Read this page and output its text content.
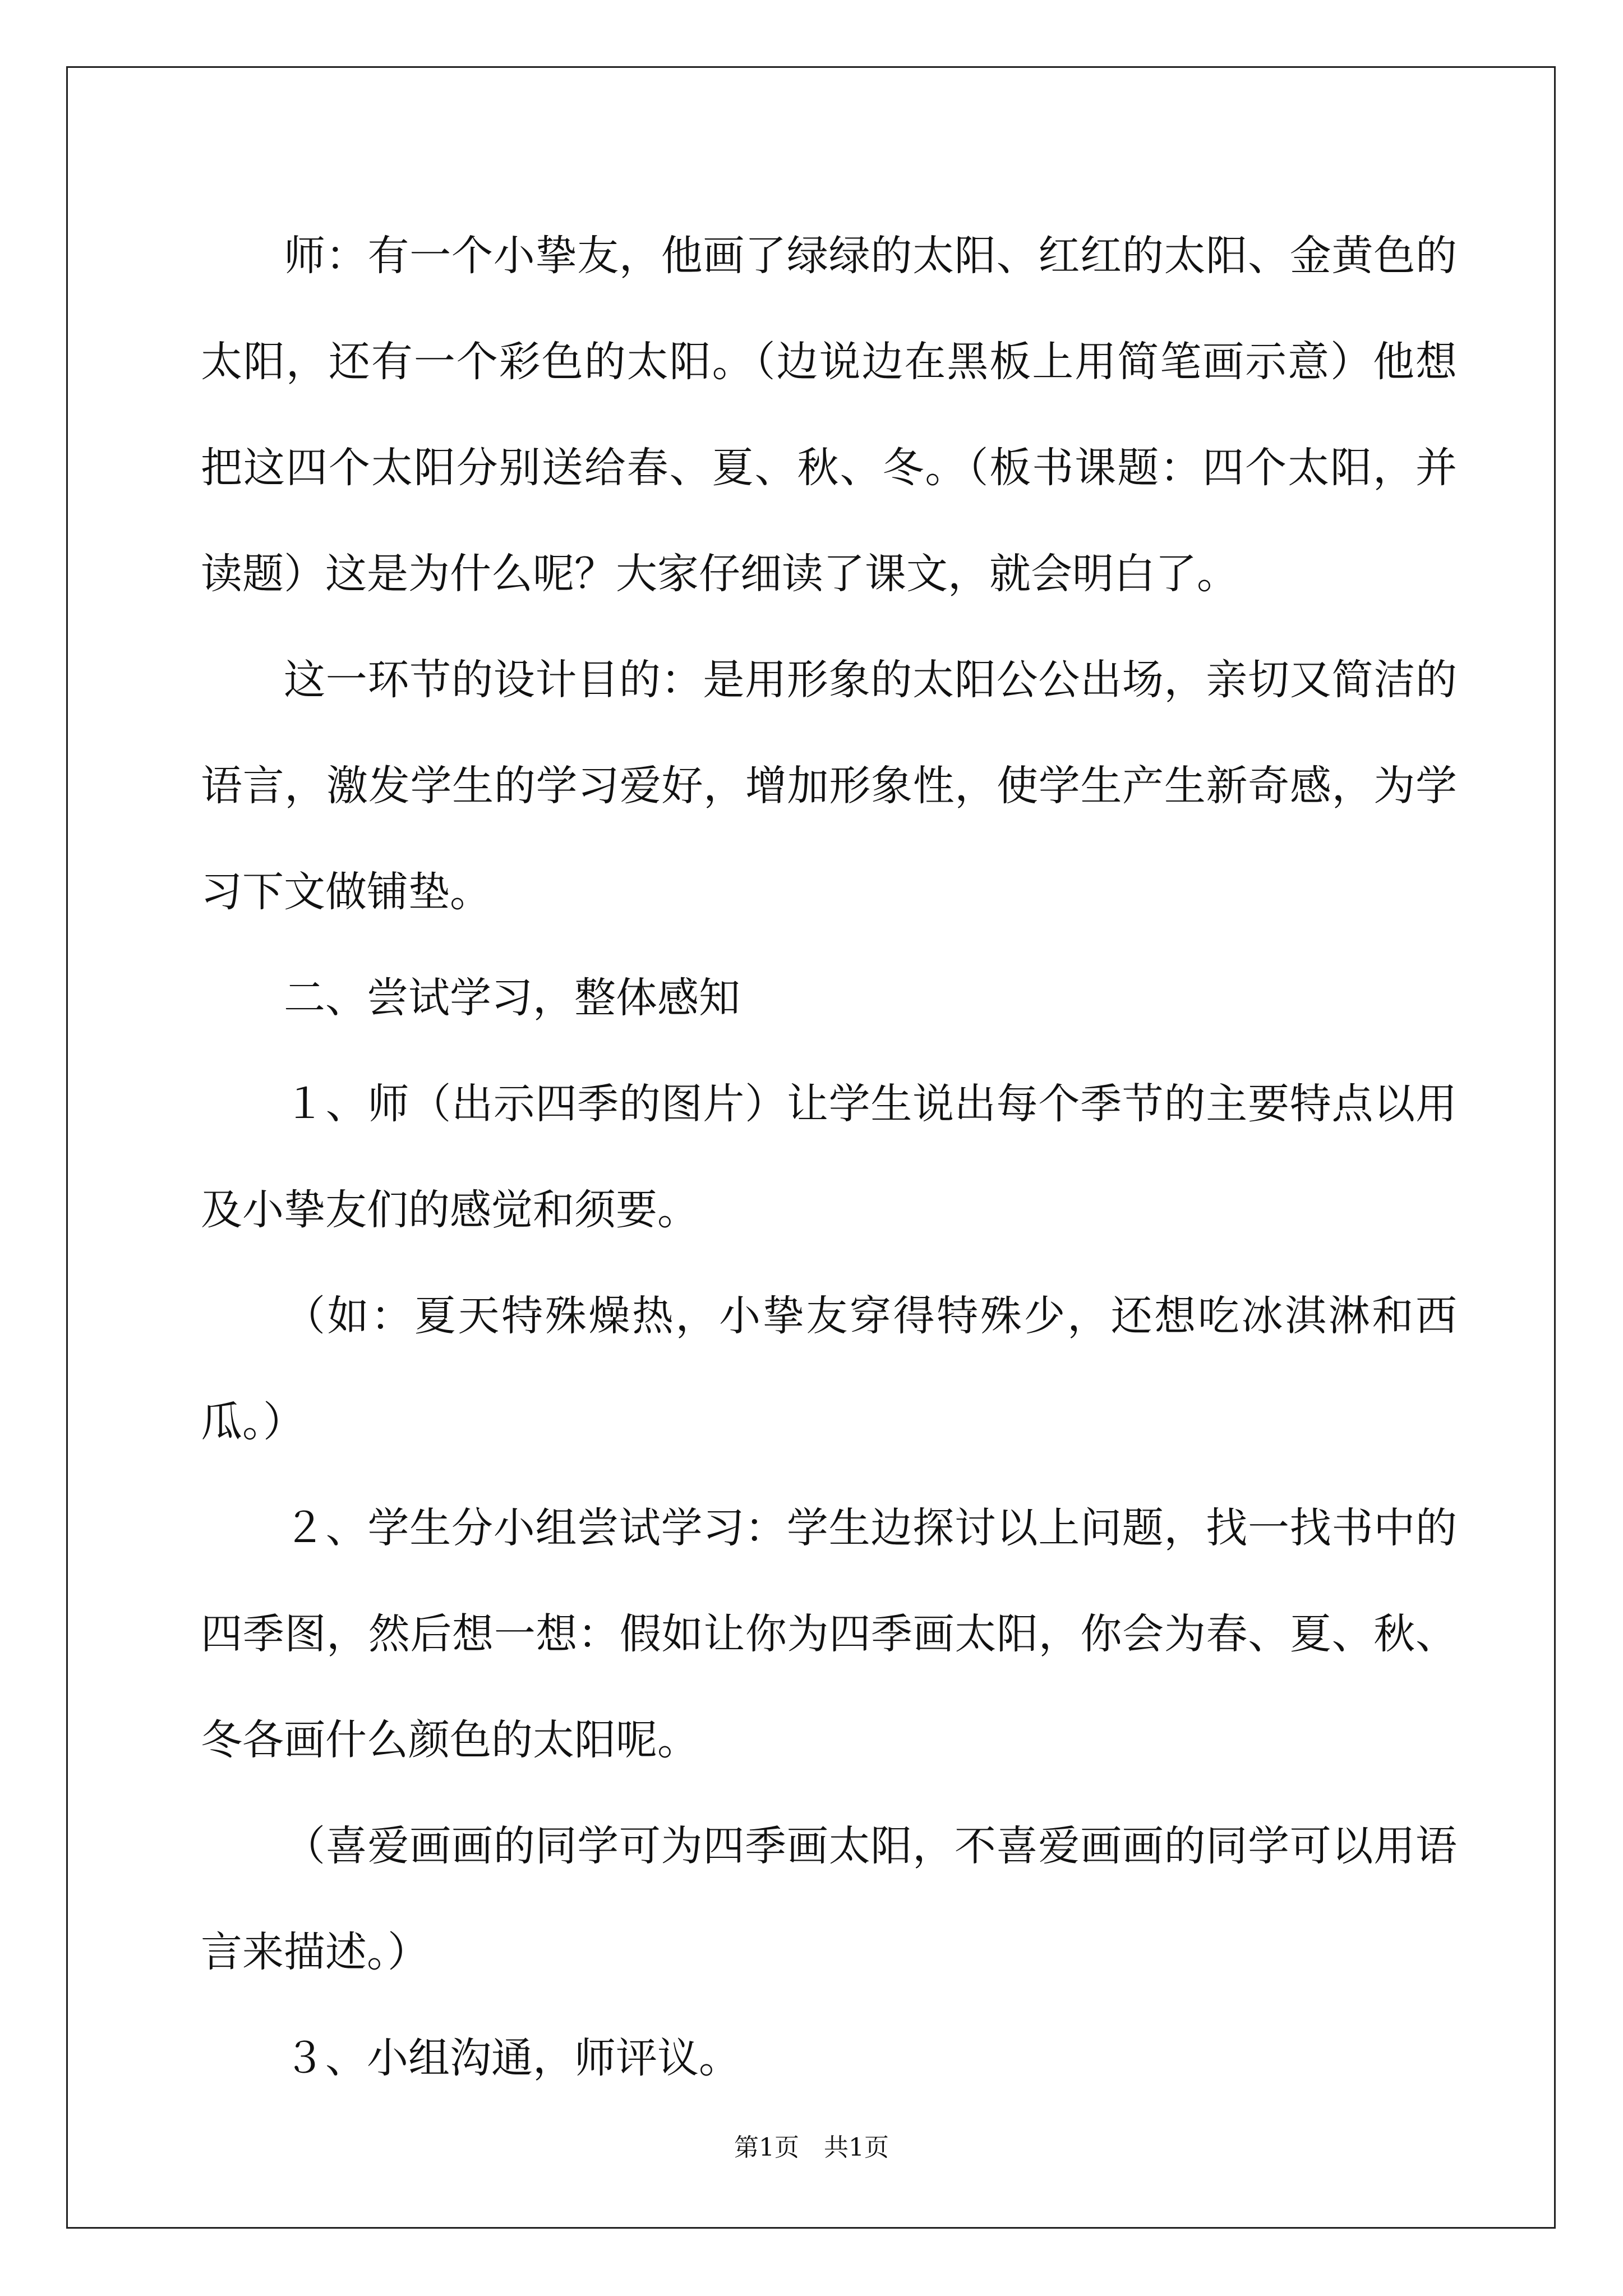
师：有一个小挚友，他画了绿绿的太阳、红红的太阳、金黄色的太阳，还有一个彩色的太阳。（边说边在黑板上用简笔画示意）他想把这四个太阳分别送给春、夏、秋、冬。（板书课题：四个太阳，并读题）这是为什么呢？大家仔细读了课文，就会明白了。

这一环节的设计目的：是用形象的太阳公公出场，亲切又简洁的语言，激发学生的学习爱好，增加形象性，使学生产生新奇感，为学习下文做铺垫。

二、尝试学习，整体感知

１、师（出示四季的图片）让学生说出每个季节的主要特点以用及小挚友们的感觉和须要。

（如：夏天特殊燥热，小挚友穿得特殊少，还想吃冰淇淋和西瓜。）

２、学生分小组尝试学习：学生边探讨以上问题，找一找书中的四季图，然后想一想：假如让你为四季画太阳，你会为春、夏、秋、冬各画什么颜色的太阳呢。

（喜爱画画的同学可为四季画太阳，不喜爱画画的同学可以用语言来描述。）

３、小组沟通，师评议。

第1页 共1页
